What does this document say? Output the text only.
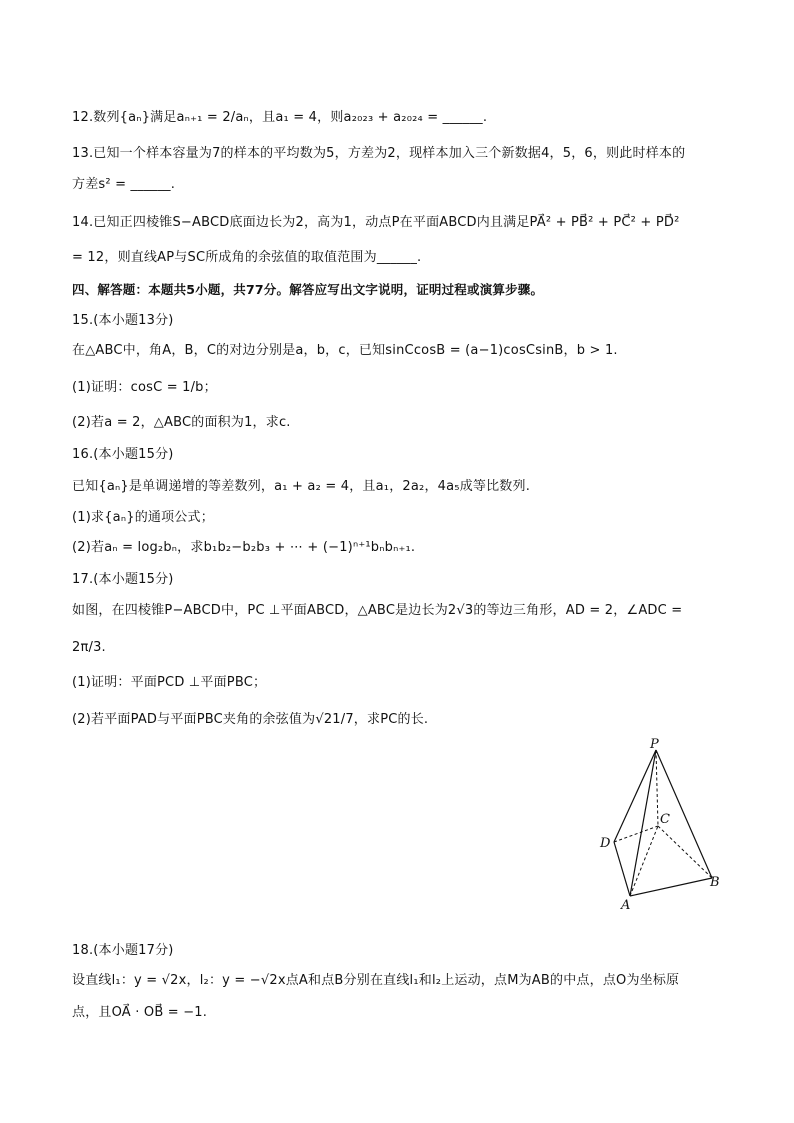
12.数列{aₙ}满足aₙ₊₁ = 2/aₙ，且a₁ = 4，则a₂₀₂₃ + a₂₀₂₄ = ______.
13.已知一个样本容量为7的样本的平均数为5，方差为2，现样本加入三个新数据4，5，6，则此时样本的
方差s² = ______.
14.已知正四棱锥S−ABCD底面边长为2，高为1，动点P在平面ABCD内且满足PA⃗² + PB⃗² + PC⃗² + PD⃗²
= 12，则直线AP与SC所成角的余弦值的取值范围为______.
四、解答题：本题共5小题，共77分。解答应写出文字说明，证明过程或演算步骤。
15.(本小题13分)
在△ABC中，角A，B，C的对边分别是a，b，c，已知sinCcosB = (a−1)cosCsinB，b > 1.
(1)证明：cosC = 1/b；
(2)若a = 2，△ABC的面积为1，求c.
16.(本小题15分)
已知{aₙ}是单调递增的等差数列，a₁ + a₂ = 4，且a₁，2a₂，4a₅成等比数列.
(1)求{aₙ}的通项公式；
(2)若aₙ = log₂bₙ，求b₁b₂−b₂b₃ + ⋯ + (−1)ⁿ⁺¹bₙbₙ₊₁.
17.(本小题15分)
如图，在四棱锥P−ABCD中，PC ⊥平面ABCD，△ABC是边长为2√3的等边三角形，AD = 2，∠ADC =
2π/3.
(1)证明：平面PCD ⊥平面PBC；
(2)若平面PAD与平面PBC夹角的余弦值为√21/7，求PC的长.
P
C
D
B
A
18.(本小题17分)
设直线l₁：y = √2x，l₂：y = −√2x点A和点B分别在直线l₁和l₂上运动，点M为AB的中点，点O为坐标原
点，且OA⃗ · OB⃗ = −1.
